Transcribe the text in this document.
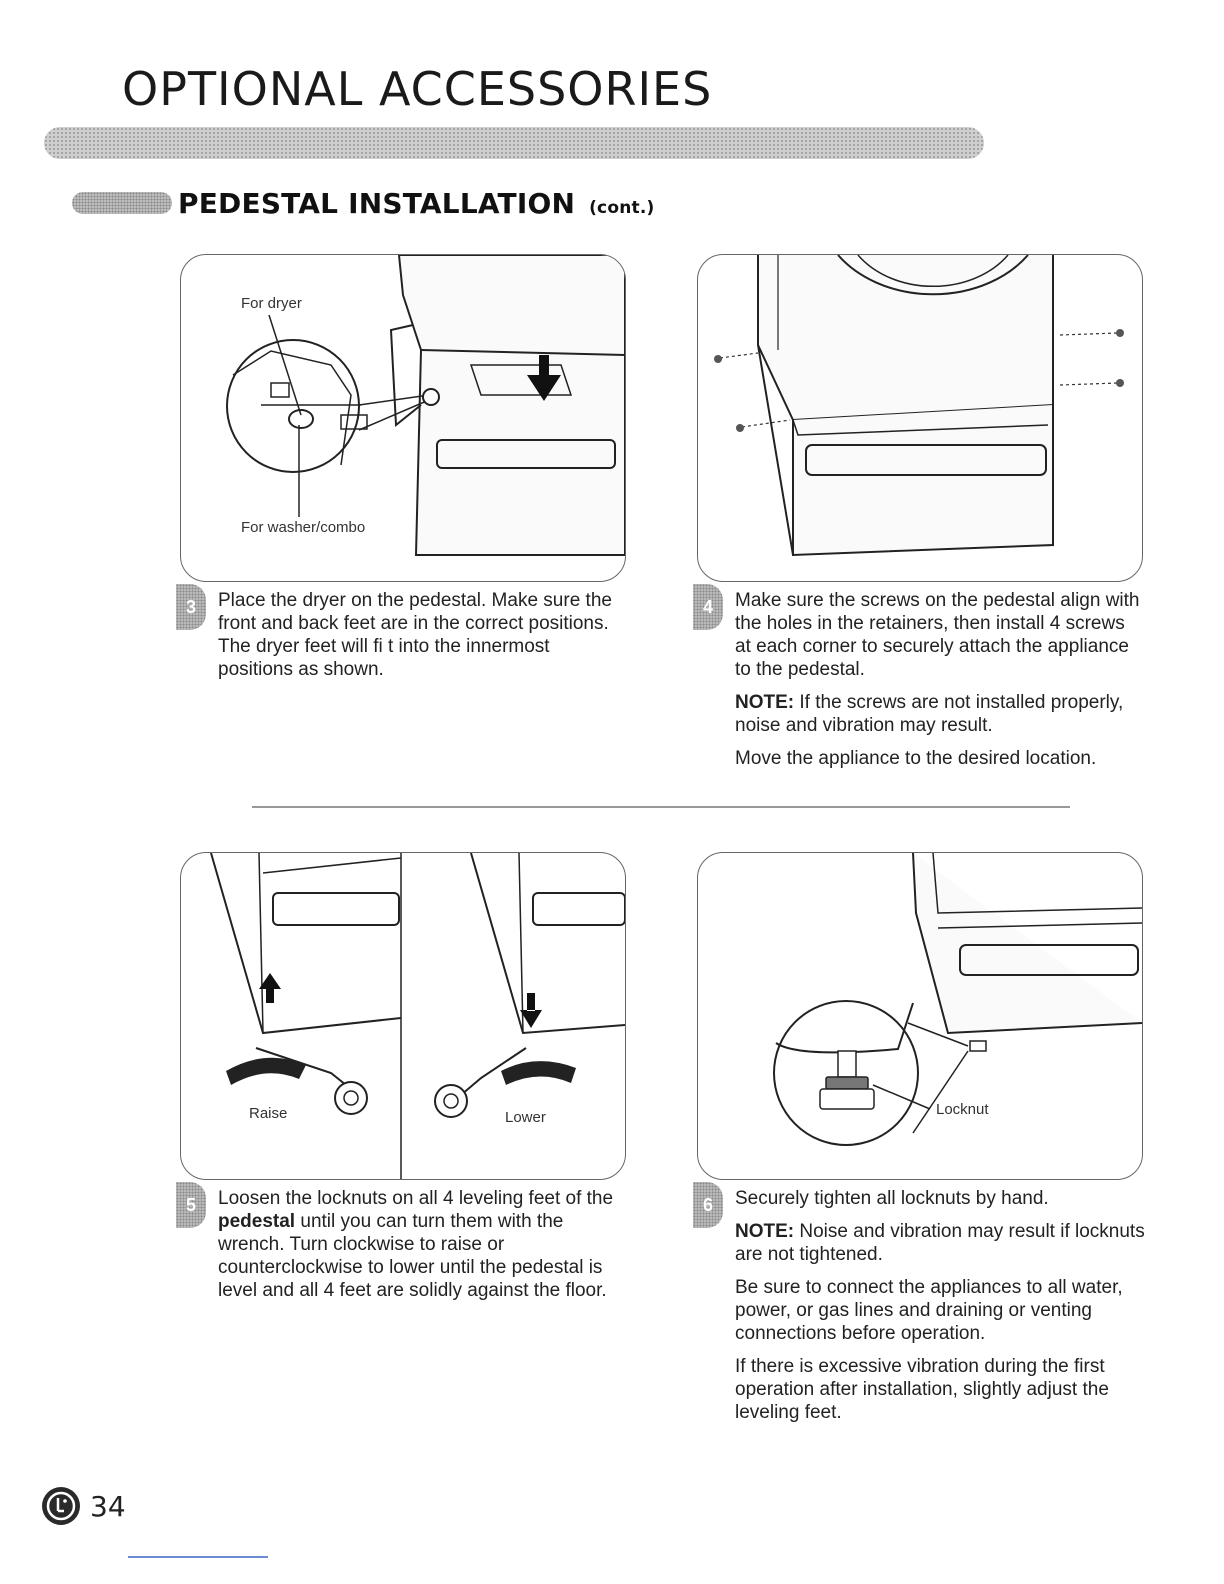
OPTIONAL ACCESSORIES
PEDESTAL INSTALLATION (cont.)
For dryer
For washer/combo
3	Place the dryer on the pedestal. Make sure the front and back feet are in the correct positions. The dryer feet will fi t into the innermost positions as shown.

4	Make sure the screws on the pedestal align with the holes in the retainers, then install 4 screws at each corner to securely attach the appliance to the pedestal.

NOTE: If the screws are not installed properly, noise and vibration may result.

Move the appliance to the desired location.

Raise	Lower
5	Loosen the locknuts on all 4 leveling feet of the pedestal until you can turn them with the wrench. Turn clockwise to raise or counterclockwise to lower until the pedestal is level and all 4 feet are solidly against the floor.

Locknut
6	Securely tighten all locknuts by hand.

NOTE: Noise and vibration may result if locknuts are not tightened.

Be sure to connect the appliances to all water, power, or gas lines and draining or venting connections before operation.

If there is excessive vibration during the first operation after installation, slightly adjust the leveling feet.

34
